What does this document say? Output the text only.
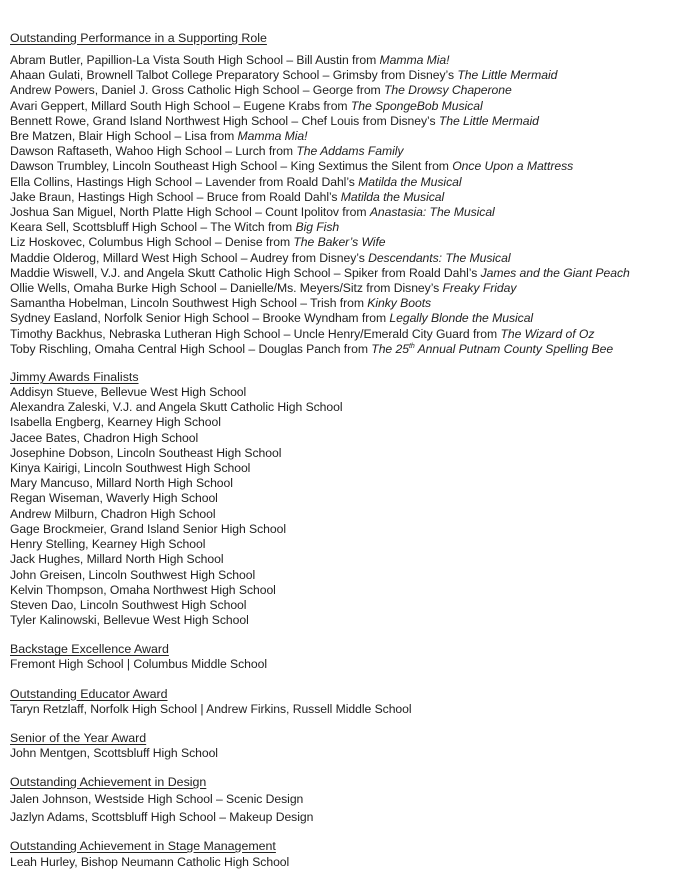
Outstanding Performance in a Supporting Role
Abram Butler, Papillion-La Vista South High School – Bill Austin from Mamma Mia!
Ahaan Gulati, Brownell Talbot College Preparatory School – Grimsby from Disney’s The Little Mermaid
Andrew Powers, Daniel J. Gross Catholic High School – George from The Drowsy Chaperone
Avari Geppert, Millard South High School – Eugene Krabs from The SpongeBob Musical
Bennett Rowe, Grand Island Northwest High School – Chef Louis from Disney’s The Little Mermaid
Bre Matzen, Blair High School – Lisa from Mamma Mia!
Dawson Raftaseth, Wahoo High School – Lurch from The Addams Family
Dawson Trumbley, Lincoln Southeast High School – King Sextimus the Silent from Once Upon a Mattress
Ella Collins, Hastings High School – Lavender from Roald Dahl’s Matilda the Musical
Jake Braun, Hastings High School – Bruce from Roald Dahl’s Matilda the Musical
Joshua San Miguel, North Platte High School – Count Ipolitov from Anastasia: The Musical
Keara Sell, Scottsbluff High School – The Witch from Big Fish
Liz Hoskovec, Columbus High School – Denise from The Baker’s Wife
Maddie Olderog, Millard West High School – Audrey from Disney’s Descendants: The Musical
Maddie Wiswell, V.J. and Angela Skutt Catholic High School – Spiker from Roald Dahl’s James and the Giant Peach
Ollie Wells, Omaha Burke High School – Danielle/Ms. Meyers/Sitz from Disney’s Freaky Friday
Samantha Hobelman, Lincoln Southwest High School – Trish from Kinky Boots
Sydney Easland, Norfolk Senior High School – Brooke Wyndham from Legally Blonde the Musical
Timothy Backhus, Nebraska Lutheran High School – Uncle Henry/Emerald City Guard from The Wizard of Oz
Toby Rischling, Omaha Central High School – Douglas Panch from The 25th Annual Putnam County Spelling Bee
Jimmy Awards Finalists
Addisyn Stueve, Bellevue West High School
Alexandra Zaleski, V.J. and Angela Skutt Catholic High School
Isabella Engberg, Kearney High School
Jacee Bates, Chadron High School
Josephine Dobson, Lincoln Southeast High School
Kinya Kairigi, Lincoln Southwest High School
Mary Mancuso, Millard North High School
Regan Wiseman, Waverly High School
Andrew Milburn, Chadron High School
Gage Brockmeier, Grand Island Senior High School
Henry Stelling, Kearney High School
Jack Hughes, Millard North High School
John Greisen, Lincoln Southwest High School
Kelvin Thompson, Omaha Northwest High School
Steven Dao, Lincoln Southwest High School
Tyler Kalinowski, Bellevue West High School
Backstage Excellence Award
Fremont High School | Columbus Middle School
Outstanding Educator Award
Taryn Retzlaff, Norfolk High School | Andrew Firkins, Russell Middle School
Senior of the Year Award
John Mentgen, Scottsbluff High School
Outstanding Achievement in Design
Jalen Johnson, Westside High School – Scenic Design
Jazlyn Adams, Scottsbluff High School – Makeup Design
Outstanding Achievement in Stage Management
Leah Hurley, Bishop Neumann Catholic High School
